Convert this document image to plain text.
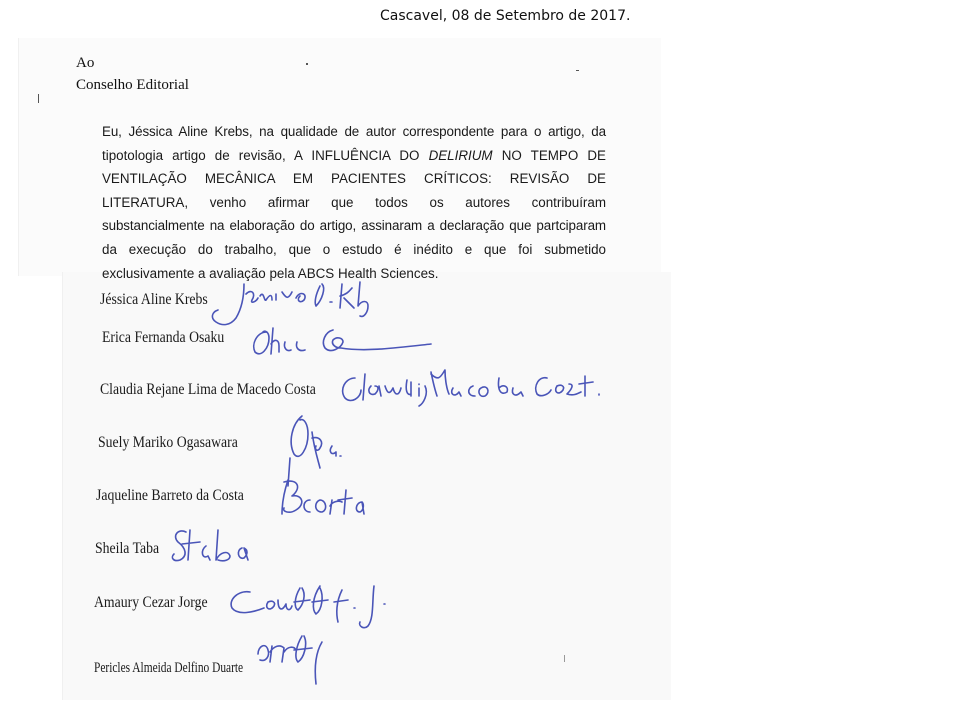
Cascavel, 08 de Setembro de 2017.
Ao
Conselho Editorial
Eu, Jéssica Aline Krebs, na qualidade de autor correspondente para o artigo, da
tipotologia artigo de revisão, A INFLUÊNCIA DO DELIRIUM NO TEMPO DE
VENTILAÇÃO MECÂNICA EM PACIENTES CRÍTICOS: REVISÃO DE
LITERATURA, venho afirmar que todos os autores contribuíram
substancialmente na elaboração do artigo, assinaram a declaração que partciparam
da execução do trabalho, que o estudo é inédito e que foi submetido
exclusivamente a avaliação pela ABCS Health Sciences.
Jéssica Aline Krebs
Erica Fernanda Osaku
Claudia Rejane Lima de Macedo Costa
Suely Mariko Ogasawara
Jaqueline Barreto da Costa
Sheila Taba
Amaury Cezar Jorge
Pericles Almeida Delfino Duarte
